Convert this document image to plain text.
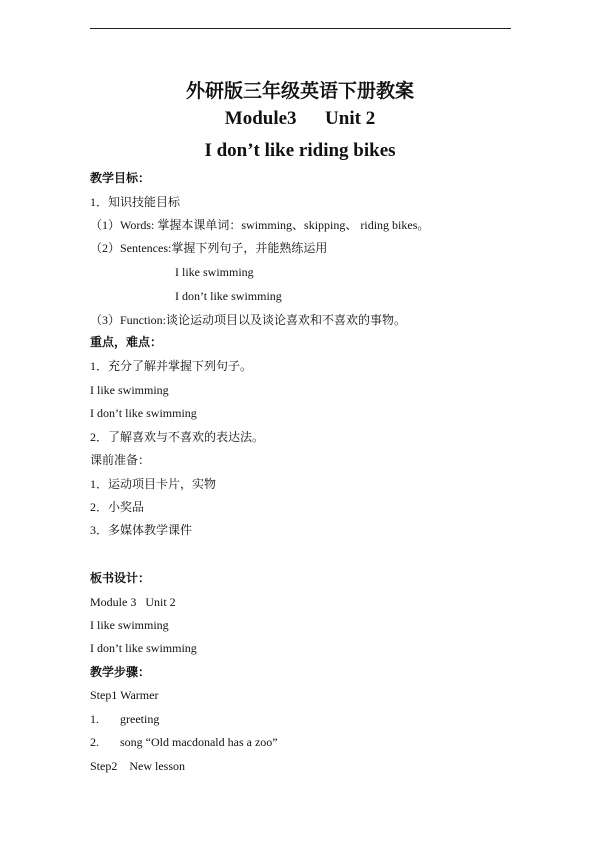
外研版三年级英语下册教案
Module3      Unit 2
I don’t like riding bikes
教学目标：
1．知识技能目标
（1）Words: 掌握本课单词：swimming、skipping、 riding bikes。
（2）Sentences:掌握下列句子，并能熟练运用
I like swimming
I don’t like swimming
（3）Function:谈论运动项目以及谈论喜欢和不喜欢的事物。
重点，难点：
1．充分了解并掌握下列句子。
I like swimming
I don’t like swimming
2．了解喜欢与不喜欢的表达法。
课前准备：
1．运动项目卡片，实物
2．小奖品
3．多媒体教学课件
板书设计：
Module 3   Unit 2
I like swimming
I don’t like swimming
教学步骤：
Step1 Warmer
1. greeting
2. song “Old macdonald has a zoo”
Step2    New lesson
